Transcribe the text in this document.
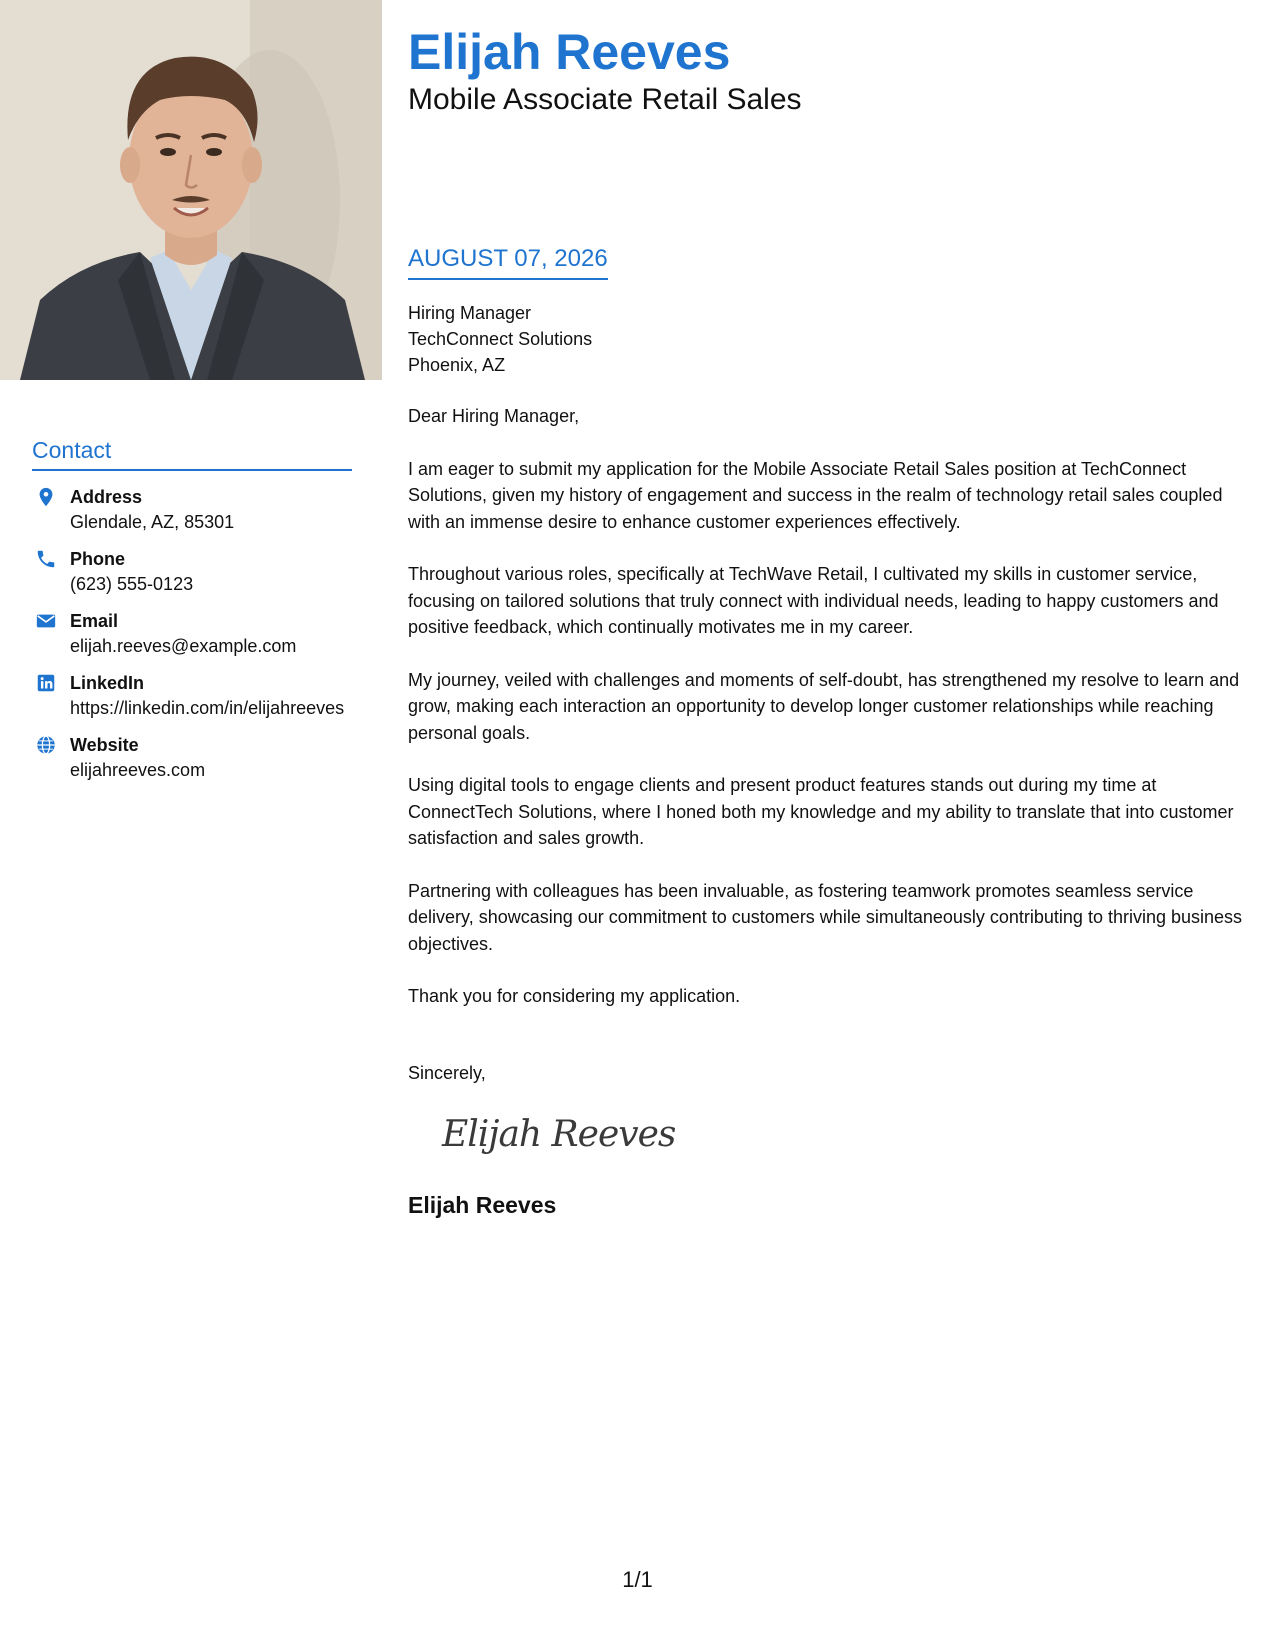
Contact
Address
Glendale, AZ, 85301
Phone
(623) 555-0123
Email
elijah.reeves@example.com
LinkedIn
https://linkedin.com/in/elijahreeves
Website
elijahreeves.com
Elijah Reeves
Mobile Associate Retail Sales
AUGUST 07, 2026
Hiring Manager
TechConnect Solutions
Phoenix, AZ

Dear Hiring Manager,

I am eager to submit my application for the Mobile Associate Retail Sales position at TechConnect Solutions, given my history of engagement and success in the realm of technology retail sales coupled with an immense desire to enhance customer experiences effectively.

Throughout various roles, specifically at TechWave Retail, I cultivated my skills in customer service, focusing on tailored solutions that truly connect with individual needs, leading to happy customers and positive feedback, which continually motivates me in my career.

My journey, veiled with challenges and moments of self-doubt, has strengthened my resolve to learn and grow, making each interaction an opportunity to develop longer customer relationships while reaching personal goals.

Using digital tools to engage clients and present product features stands out during my time at ConnectTech Solutions, where I honed both my knowledge and my ability to translate that into customer satisfaction and sales growth.

Partnering with colleagues has been invaluable, as fostering teamwork promotes seamless service delivery, showcasing our commitment to customers while simultaneously contributing to thriving business objectives.

Thank you for considering my application.

Sincerely,
Elijah Reeves
Elijah Reeves
1/1
